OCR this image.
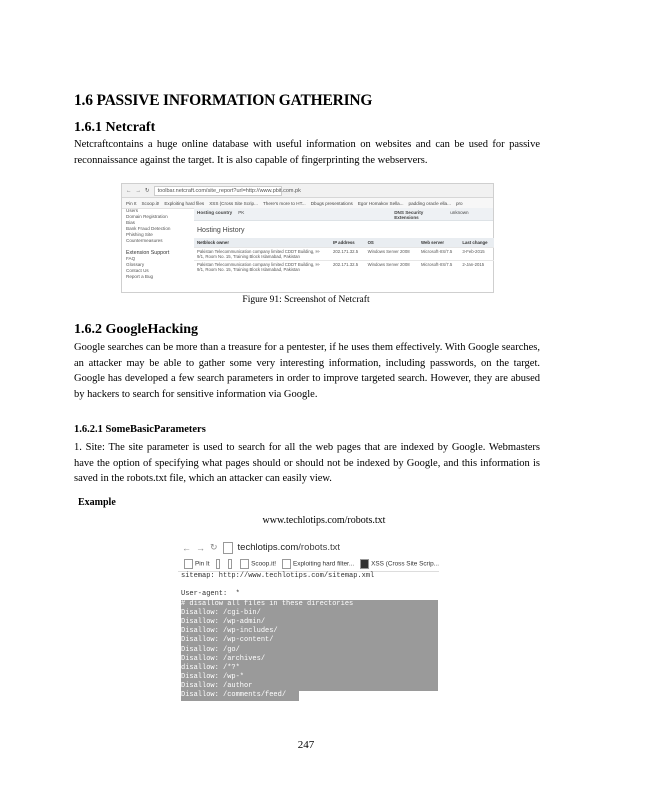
1.6 PASSIVE INFORMATION GATHERING
1.6.1 Netcraft

Netcraftcontains a huge online database with useful information on websites and can be used for passive reconnaissance against the target. It is also capable of fingerprinting the webservers.

← → ↻	toolbar.netcraft.com/site_report?url=http://www.pbit.com.pk
Pin It Scoop.it! Exploiting hard files XSS (Cross Site Scrip... There's more to HT... Dbugs presentations Egor Homakov Sella... padding oracle ella... pro
Users
Domain Registration
Bias
Bank Fraud Detection
Phishing Site
Countermeasures
Extension Support
FAQ
Glossary
Contact Us
Report a Bug
Hosting country	PK	DNS Security Extensions
unknown
Hosting History
Netblock owner	IP address	OS	Web server	Last change
Pakistan Telecommunication company limited CDDT Building, H-9/1, Room No. 15, Training Block Islamabad, Pakistan	202.171.32.5	Windows Server 2008	Microsoft-IIS/7.5	3-Feb-2015
Pakistan Telecommunication company limited CDDT Building, H-9/1, Room No. 15, Training Block Islamabad, Pakistan	202.171.32.5	Windows Server 2008	Microsoft-IIS/7.5	2-Jan-2015
Figure 91: Screenshot of Netcraft
1.6.2 GoogleHacking

Google searches can be more than a treasure for a pentester, if he uses them effectively. With Google searches, an attacker may be able to gather some very interesting information, including passwords, on the target. Google has developed a few search parameters in order to improve targeted search. However, they are abused by hackers to search for sensitive information via Google.

1.6.2.1 SomeBasicParameters

1. Site: The site parameter is used to search for all the web pages that are indexed by Google. Webmasters have the option of specifying what pages should or should not be indexed by Google, and this information is saved in the robots.txt file, which an attacker can easily view.

Example
www.techlotips.com/robots.txt
← → ↻ techlotips.com/robots.txt
Pin It	Scoop.it!	Exploiting hard filter...	XSS (Cross Site Scrip...
sitemap: http://www.techlotips.com/sitemap.xml
User-agent:  *
# disallow all files in these directories
Disallow: /cgi-bin/
Disallow: /wp-admin/
Disallow: /wp-includes/
Disallow: /wp-content/
Disallow: /go/
Disallow: /archives/
disallow: /*?*
Disallow: /wp-*
Disallow: /author
Disallow: /comments/feed/
247
